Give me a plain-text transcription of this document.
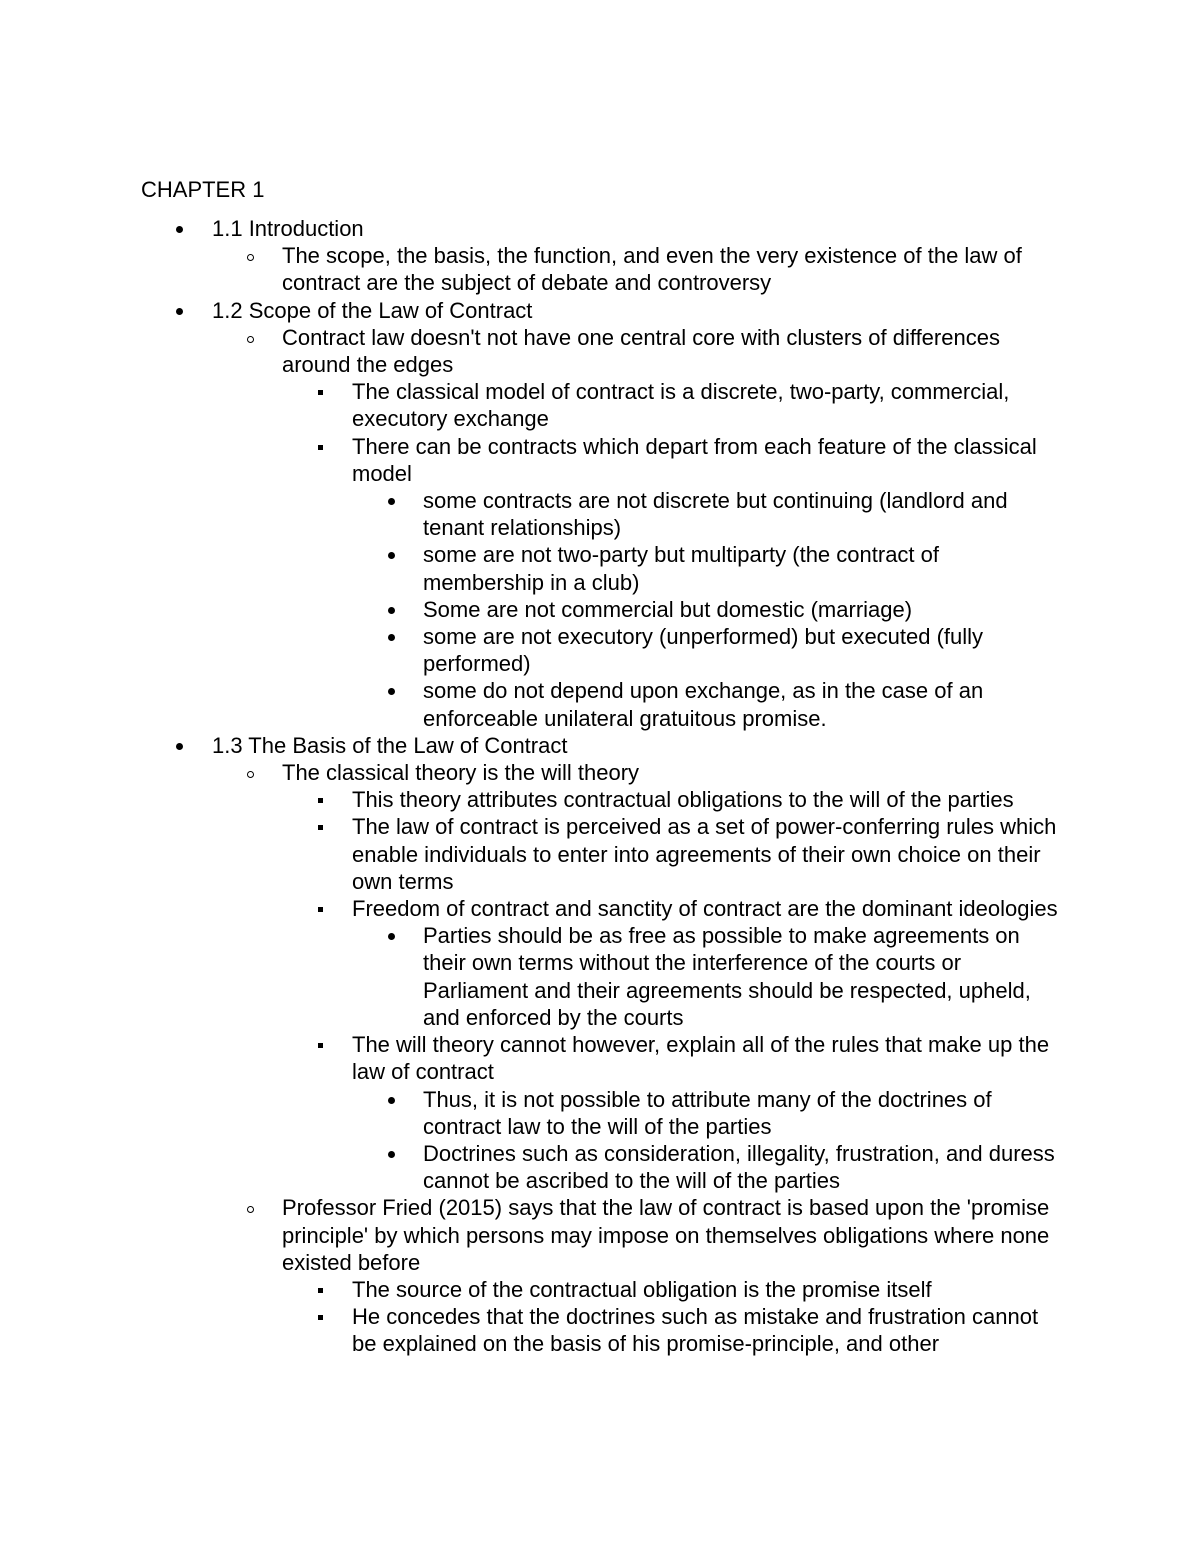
CHAPTER 1
1.1 Introduction
The scope, the basis, the function, and even the very existence of the law of contract are the subject of debate and controversy
1.2 Scope of the Law of Contract
Contract law doesn't not have one central core with clusters of differences around the edges
The classical model of contract is a discrete, two-party, commercial, executory exchange
There can be contracts which depart from each feature of the classical model
some contracts are not discrete but continuing (landlord and tenant relationships)
some are not two-party but multiparty (the contract of membership in a club)
Some are not commercial but domestic (marriage)
some are not executory (unperformed) but executed (fully performed)
some do not depend upon exchange, as in the case of an enforceable unilateral gratuitous promise.
1.3 The Basis of the Law of Contract
The classical theory is the will theory
This theory attributes contractual obligations to the will of the parties
The law of contract is perceived as a set of power-conferring rules which enable individuals to enter into agreements of their own choice on their own terms
Freedom of contract and sanctity of contract are the dominant ideologies
Parties should be as free as possible to make agreements on their own terms without the interference of the courts or Parliament and their agreements should be respected, upheld, and enforced by the courts
The will theory cannot however, explain all of the rules that make up the law of contract
Thus, it is not possible to attribute many of the doctrines of contract law to the will of the parties
Doctrines such as consideration, illegality, frustration, and duress cannot be ascribed to the will of the parties
Professor Fried (2015) says that the law of contract is based upon the 'promise principle' by which persons may impose on themselves obligations where none existed before
The source of the contractual obligation is the promise itself
He concedes that the doctrines such as mistake and frustration cannot be explained on the basis of his promise-principle, and other
